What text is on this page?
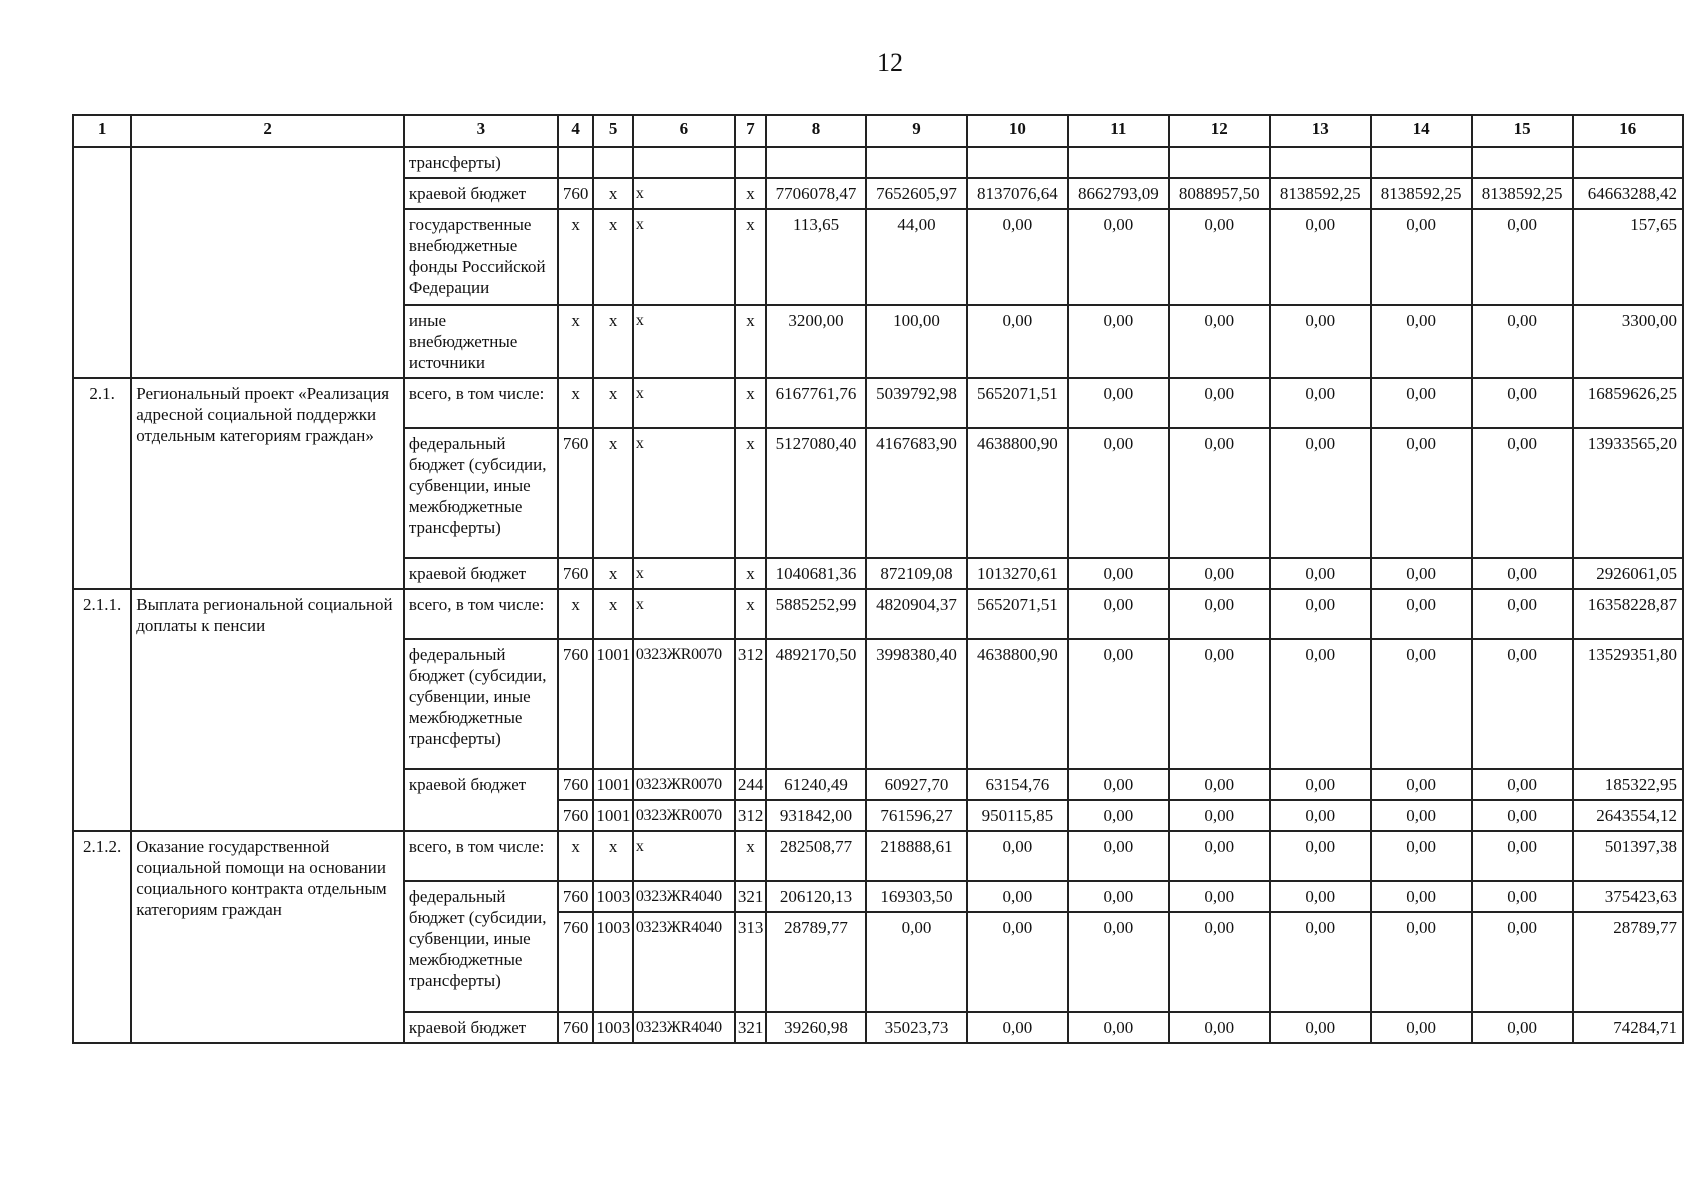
12
1	2	3	4	5	6	7	8	9	10	11	12	13	14	15	16
		трансферты)													
		краевой бюджет	760	х	х	х	7706078,47	7652605,97	8137076,64	8662793,09	8088957,50	8138592,25	8138592,25	8138592,25	64663288,42
		государственные внебюджетные фонды Российской Федерации	х	х	х	х	113,65	44,00	0,00	0,00	0,00	0,00	0,00	0,00	157,65
		иные внебюджетные источники	х	х	х	х	3200,00	100,00	0,00	0,00	0,00	0,00	0,00	0,00	3300,00
2.1.	Региональный проект «Реализация адресной социальной поддержки отдельным категориям граждан»	всего, в том числе:	х	х	х	х	6167761,76	5039792,98	5652071,51	0,00	0,00	0,00	0,00	0,00	16859626,25
		федеральный бюджет (субсидии, субвенции, иные межбюджетные трансферты)	760	х	х	х	5127080,40	4167683,90	4638800,90	0,00	0,00	0,00	0,00	0,00	13933565,20
		краевой бюджет	760	х	х	х	1040681,36	872109,08	1013270,61	0,00	0,00	0,00	0,00	0,00	2926061,05
2.1.1.	Выплата региональной социальной доплаты к пенсии	всего, в том числе:	х	х	х	х	5885252,99	4820904,37	5652071,51	0,00	0,00	0,00	0,00	0,00	16358228,87
		федеральный бюджет (субсидии, субвенции, иные межбюджетные трансферты)	760	1001	0323ЖR0070	312	4892170,50	3998380,40	4638800,90	0,00	0,00	0,00	0,00	0,00	13529351,80
		краевой бюджет	760	1001	0323ЖR0070	244	61240,49	60927,70	63154,76	0,00	0,00	0,00	0,00	0,00	185322,95
			760	1001	0323ЖR0070	312	931842,00	761596,27	950115,85	0,00	0,00	0,00	0,00	0,00	2643554,12
2.1.2.	Оказание государственной социальной помощи на основании социального контракта отдельным категориям граждан	всего, в том числе:	х	х	х	х	282508,77	218888,61	0,00	0,00	0,00	0,00	0,00	0,00	501397,38
		федеральный бюджет (субсидии, субвенции, иные межбюджетные трансферты)	760	1003	0323ЖR4040	321	206120,13	169303,50	0,00	0,00	0,00	0,00	0,00	0,00	375423,63
			760	1003	0323ЖR4040	313	28789,77	0,00	0,00	0,00	0,00	0,00	0,00	0,00	28789,77
		краевой бюджет	760	1003	0323ЖR4040	321	39260,98	35023,73	0,00	0,00	0,00	0,00	0,00	0,00	74284,71
